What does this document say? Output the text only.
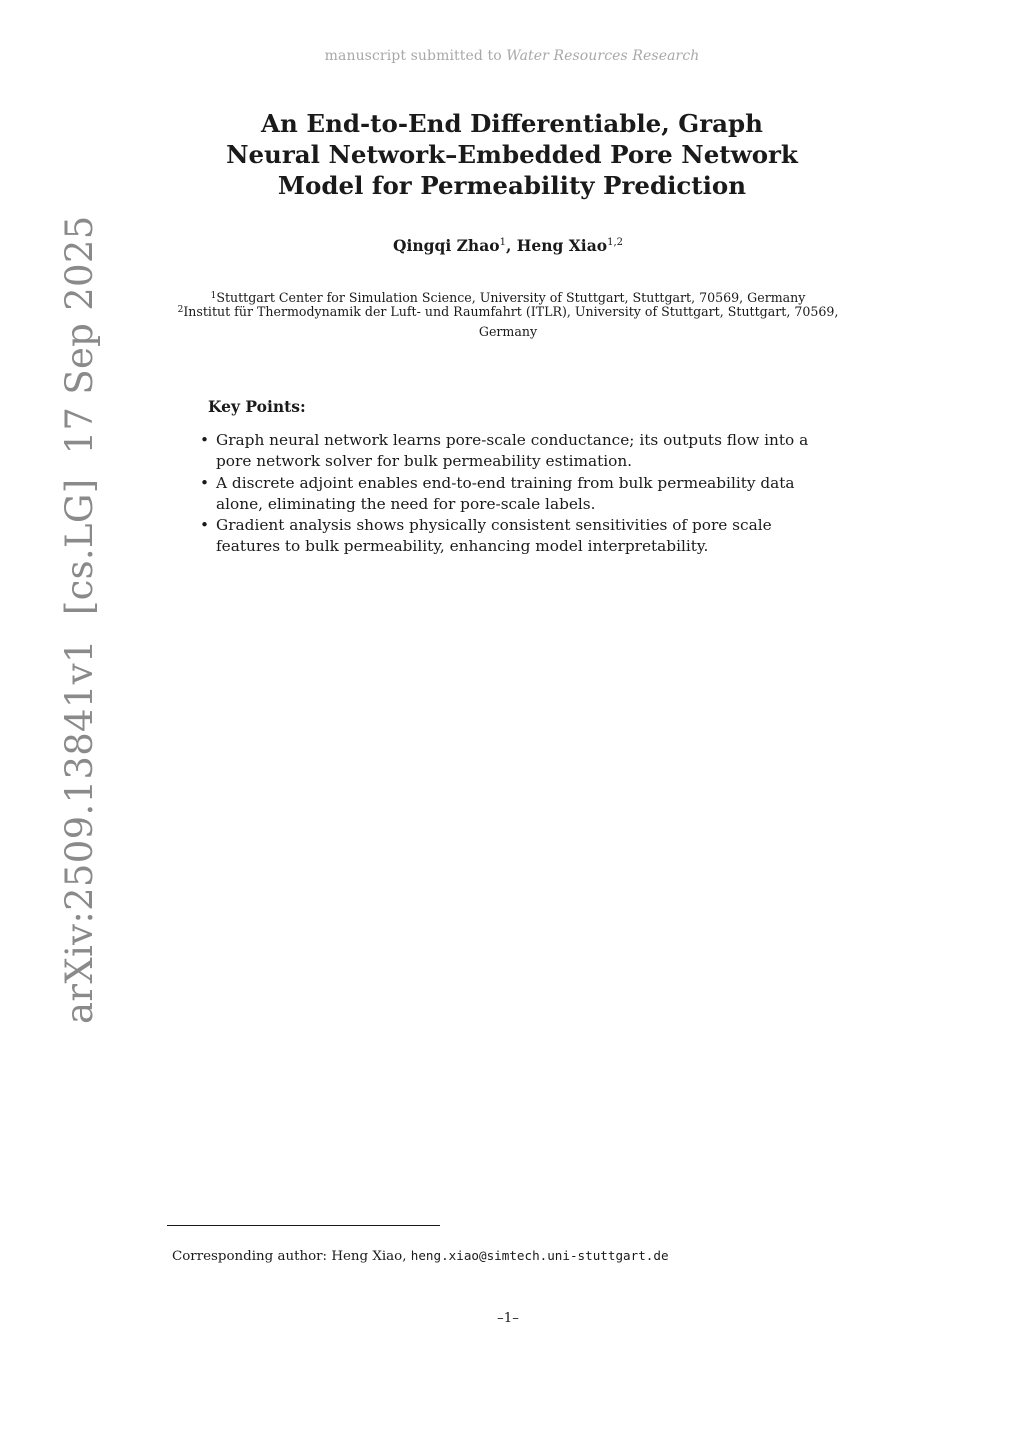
manuscript submitted to Water Resources Research
An End-to-End Differentiable, Graph Neural Network–Embedded Pore Network Model for Permeability Prediction
Qingqi Zhao$^1$, Heng Xiao$^{1,2}$
$^1$Stuttgart Center for Simulation Science, University of Stuttgart, Stuttgart, 70569, Germany
$^2$Institut für Thermodynamik der Luft- und Raumfahrt (ITLR), University of Stuttgart, Stuttgart, 70569,
Germany
Key Points:
• Graph neural network learns pore-scale conductance; its outputs flow into a pore network solver for bulk permeability estimation.
• A discrete adjoint enables end-to-end training from bulk permeability data alone, eliminating the need for pore-scale labels.
• Gradient analysis shows physically consistent sensitivities of pore scale features to bulk permeability, enhancing model interpretability.
arXiv:2509.13841v1  [cs.LG]  17 Sep 2025
Corresponding author: Heng Xiao, heng.xiao@simtech.uni-stuttgart.de
–1–
